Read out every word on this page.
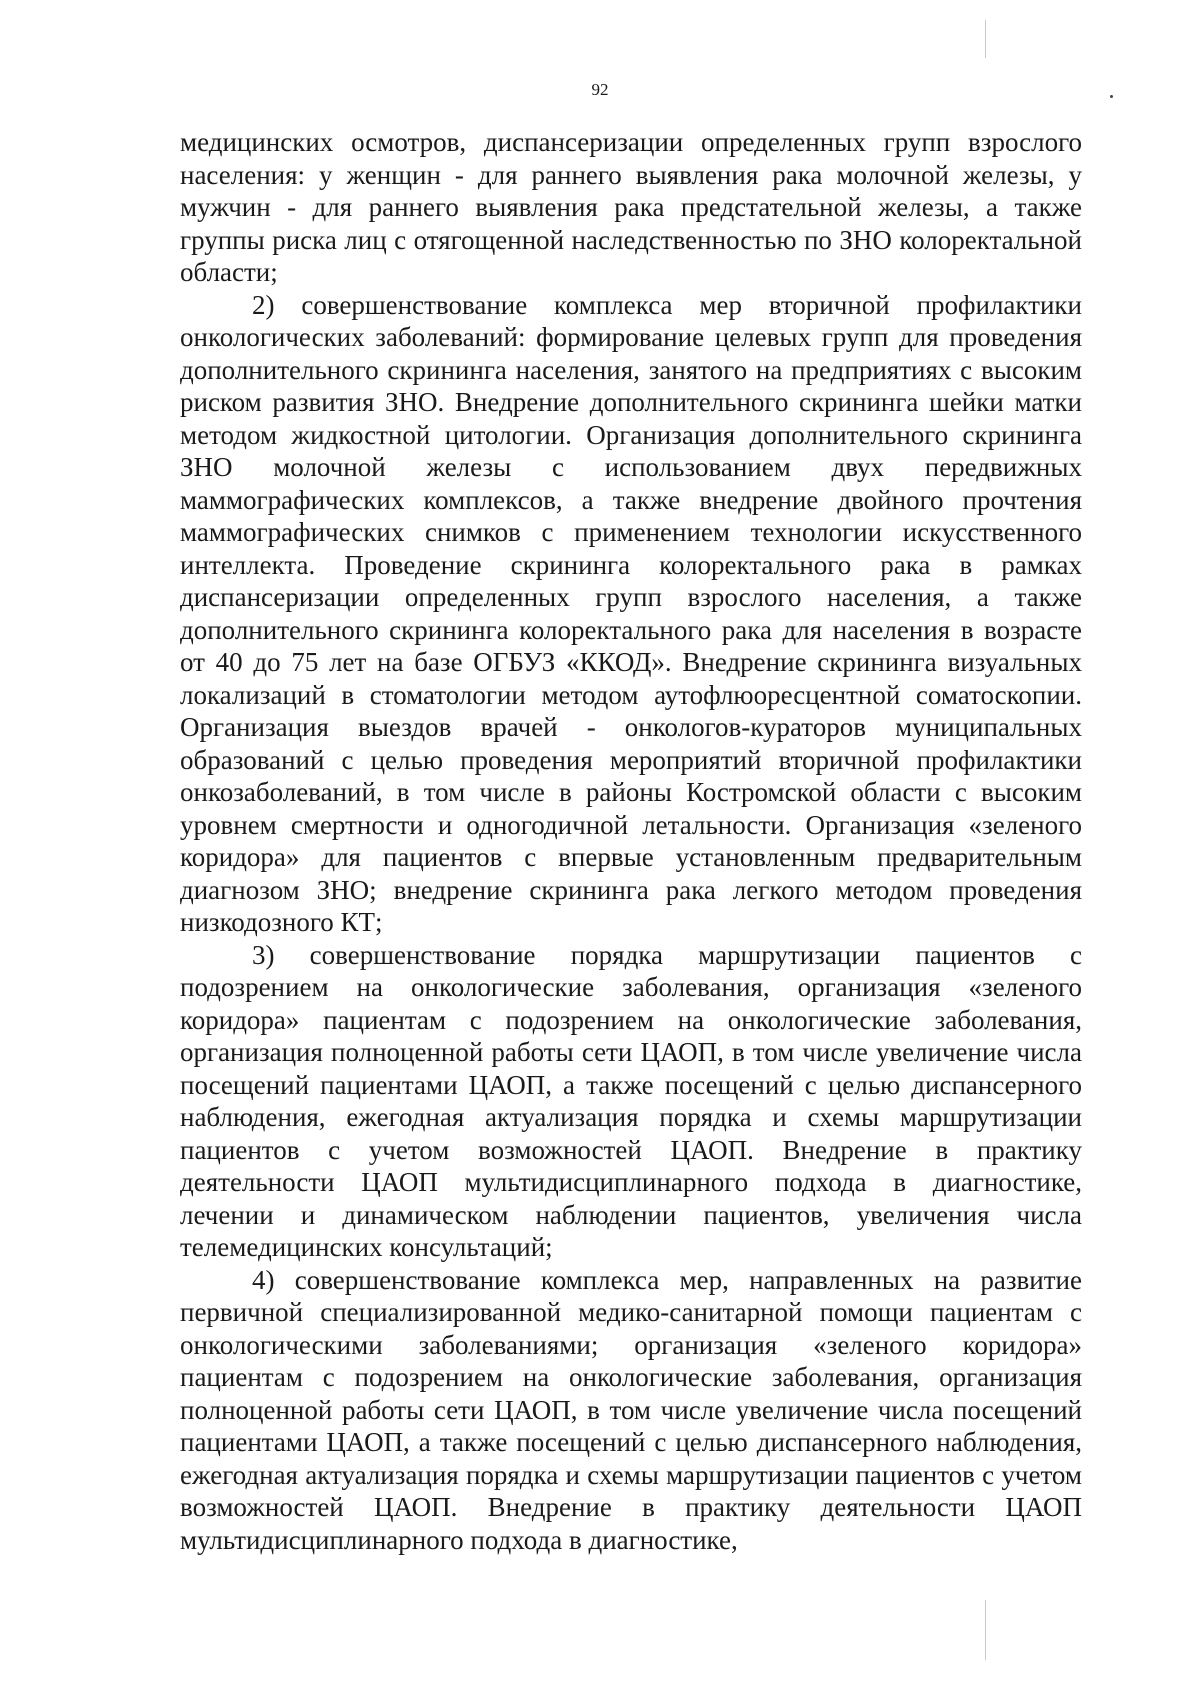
92

медицинских осмотров, диспансеризации определенных групп взрослого населения: у женщин - для раннего выявления рака молочной железы, у мужчин - для раннего выявления рака предстательной железы, а также группы риска лиц с отягощенной наследственностью по ЗНО колоректальной области;

2) совершенствование комплекса мер вторичной профилактики онкологических заболеваний: формирование целевых групп для проведения дополнительного скрининга населения, занятого на предприятиях с высоким риском развития ЗНО. Внедрение дополнительного скрининга шейки матки методом жидкостной цитологии. Организация дополнительного скрининга ЗНО молочной железы с использованием двух передвижных маммографических комплексов, а также внедрение двойного прочтения маммографических снимков с применением технологии искусственного интеллекта. Проведение скрининга колоректального рака в рамках диспансеризации определенных групп взрослого населения, а также дополнительного скрининга колоректального рака для населения в возрасте от 40 до 75 лет на базе ОГБУЗ «ККОД». Внедрение скрининга визуальных локализаций в стоматологии методом аутофлюоресцентной соматоскопии. Организация выездов врачей - онкологов-кураторов муниципальных образований с целью проведения мероприятий вторичной профилактики онкозаболеваний, в том числе в районы Костромской области с высоким уровнем смертности и одногодичной летальности. Организация «зеленого коридора» для пациентов с впервые установленным предварительным диагнозом ЗНО; внедрение скрининга рака легкого методом проведения низкодозного КТ;

3) совершенствование порядка маршрутизации пациентов с подозрением на онкологические заболевания, организация «зеленого коридора» пациентам с подозрением на онкологические заболевания, организация полноценной работы сети ЦАОП, в том числе увеличение числа посещений пациентами ЦАОП, а также посещений с целью диспансерного наблюдения, ежегодная актуализация порядка и схемы маршрутизации пациентов с учетом возможностей ЦАОП. Внедрение в практику деятельности ЦАОП мультидисциплинарного подхода в диагностике, лечении и динамическом наблюдении пациентов, увеличения числа телемедицинских консультаций;

4) совершенствование комплекса мер, направленных на развитие первичной специализированной медико-санитарной помощи пациентам с онкологическими заболеваниями; организация «зеленого коридора» пациентам с подозрением на онкологические заболевания, организация полноценной работы сети ЦАОП, в том числе увеличение числа посещений пациентами ЦАОП, а также посещений с целью диспансерного наблюдения, ежегодная актуализация порядка и схемы маршрутизации пациентов с учетом возможностей ЦАОП. Внедрение в практику деятельности ЦАОП мультидисциплинарного подхода в диагностике,
